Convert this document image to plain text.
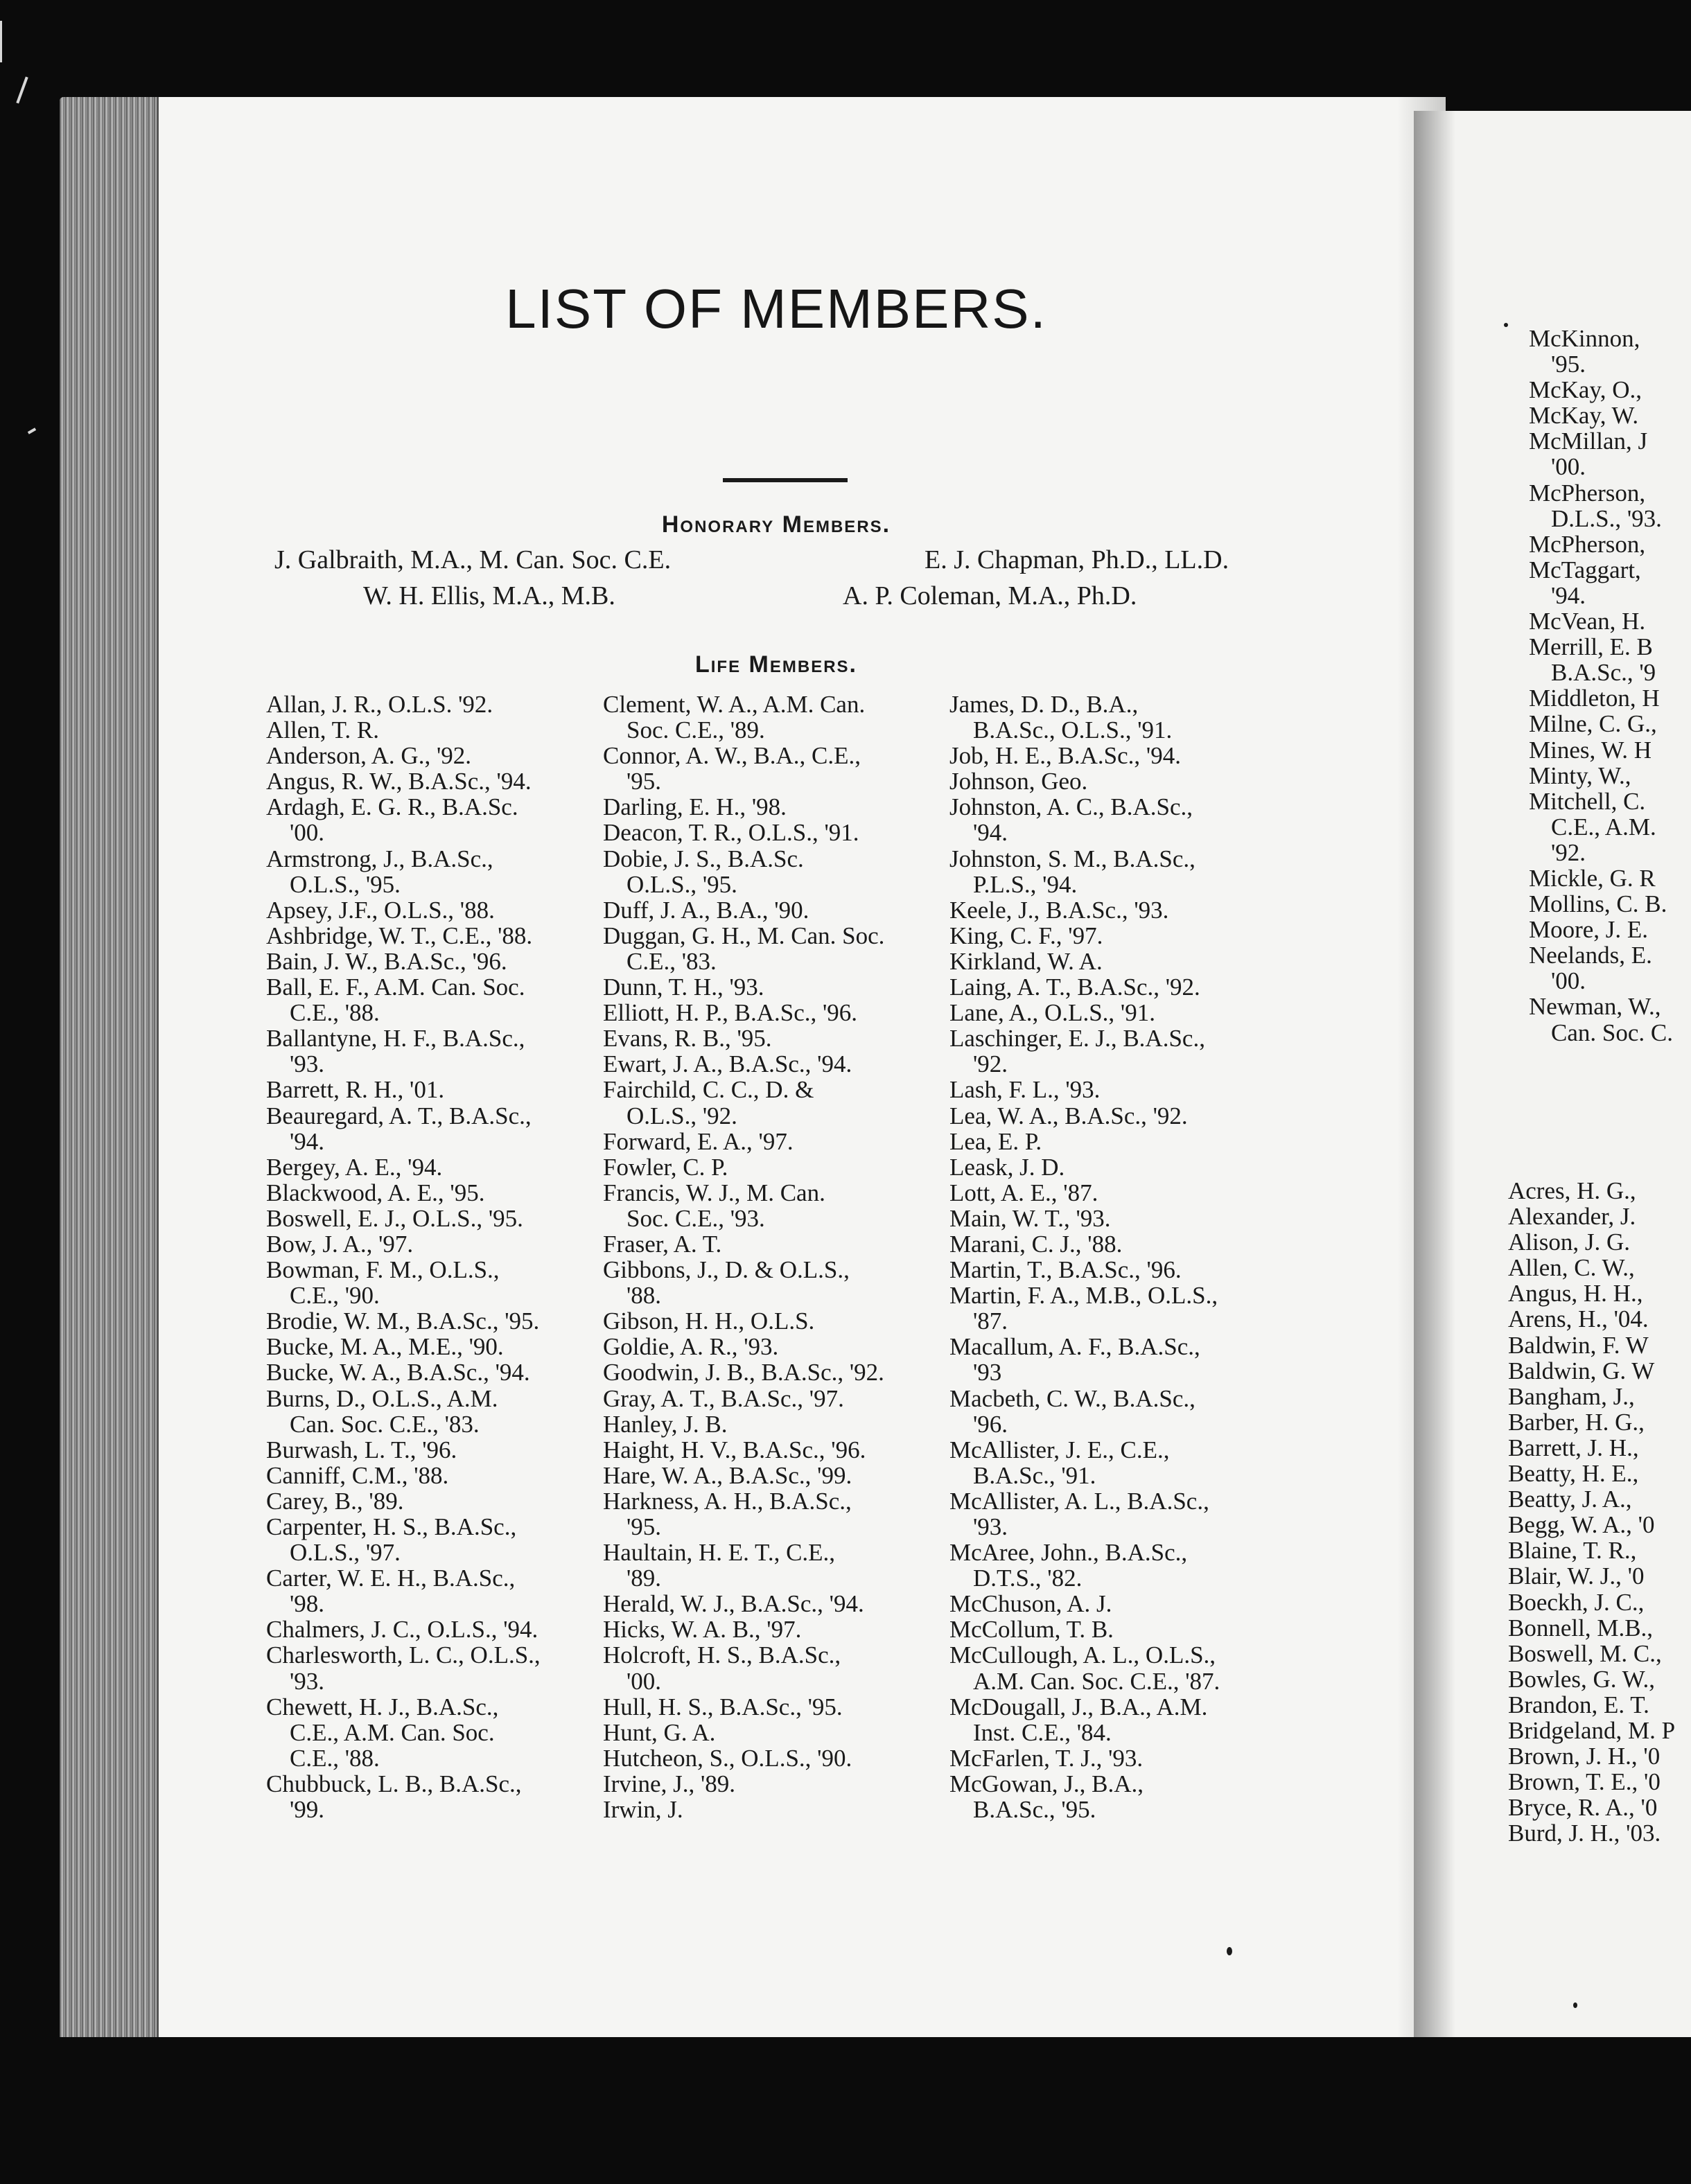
LIST OF MEMBERS.
Honorary Members.
J. Galbraith, M.A., M. Can. Soc. C.E.	E. J. Chapman, Ph.D., LL.D.
W. H. Ellis, M.A., M.B.	A. P. Coleman, M.A., Ph.D.
Life Members.
Allan, J. R., O.L.S. '92.
Allen, T. R.
Anderson, A. G., '92.
Angus, R. W., B.A.Sc., '94.
Ardagh, E. G. R., B.A.Sc.
'00.
Armstrong, J., B.A.Sc.,
O.L.S., '95.
Apsey, J.F., O.L.S., '88.
Ashbridge, W. T., C.E., '88.
Bain, J. W., B.A.Sc., '96.
Ball, E. F., A.M. Can. Soc.
C.E., '88.
Ballantyne, H. F., B.A.Sc.,
'93.
Barrett, R. H., '01.
Beauregard, A. T., B.A.Sc.,
'94.
Bergey, A. E., '94.
Blackwood, A. E., '95.
Boswell, E. J., O.L.S., '95.
Bow, J. A., '97.
Bowman, F. M., O.L.S.,
C.E., '90.
Brodie, W. M., B.A.Sc., '95.
Bucke, M. A., M.E., '90.
Bucke, W. A., B.A.Sc., '94.
Burns, D., O.L.S., A.M.
Can. Soc. C.E., '83.
Burwash, L. T., '96.
Canniff, C.M., '88.
Carey, B., '89.
Carpenter, H. S., B.A.Sc.,
O.L.S., '97.
Carter, W. E. H., B.A.Sc.,
'98.
Chalmers, J. C., O.L.S., '94.
Charlesworth, L. C., O.L.S.,
'93.
Chewett, H. J., B.A.Sc.,
C.E., A.M. Can. Soc.
C.E., '88.
Chubbuck, L. B., B.A.Sc.,
'99.
Clement, W. A., A.M. Can.
Soc. C.E., '89.
Connor, A. W., B.A., C.E.,
'95.
Darling, E. H., '98.
Deacon, T. R., O.L.S., '91.
Dobie, J. S., B.A.Sc.
O.L.S., '95.
Duff, J. A., B.A., '90.
Duggan, G. H., M. Can. Soc.
C.E., '83.
Dunn, T. H., '93.
Elliott, H. P., B.A.Sc., '96.
Evans, R. B., '95.
Ewart, J. A., B.A.Sc., '94.
Fairchild, C. C., D. &
O.L.S., '92.
Forward, E. A., '97.
Fowler, C. P.
Francis, W. J., M. Can.
Soc. C.E., '93.
Fraser, A. T.
Gibbons, J., D. & O.L.S.,
'88.
Gibson, H. H., O.L.S.
Goldie, A. R., '93.
Goodwin, J. B., B.A.Sc., '92.
Gray, A. T., B.A.Sc., '97.
Hanley, J. B.
Haight, H. V., B.A.Sc., '96.
Hare, W. A., B.A.Sc., '99.
Harkness, A. H., B.A.Sc.,
'95.
Haultain, H. E. T., C.E.,
'89.
Herald, W. J., B.A.Sc., '94.
Hicks, W. A. B., '97.
Holcroft, H. S., B.A.Sc.,
'00.
Hull, H. S., B.A.Sc., '95.
Hunt, G. A.
Hutcheon, S., O.L.S., '90.
Irvine, J., '89.
Irwin, J.
James, D. D., B.A.,
B.A.Sc., O.L.S., '91.
Job, H. E., B.A.Sc., '94.
Johnson, Geo.
Johnston, A. C., B.A.Sc.,
'94.
Johnston, S. M., B.A.Sc.,
P.L.S., '94.
Keele, J., B.A.Sc., '93.
King, C. F., '97.
Kirkland, W. A.
Laing, A. T., B.A.Sc., '92.
Lane, A., O.L.S., '91.
Laschinger, E. J., B.A.Sc.,
'92.
Lash, F. L., '93.
Lea, W. A., B.A.Sc., '92.
Lea, E. P.
Leask, J. D.
Lott, A. E., '87.
Main, W. T., '93.
Marani, C. J., '88.
Martin, T., B.A.Sc., '96.
Martin, F. A., M.B., O.L.S.,
'87.
Macallum, A. F., B.A.Sc.,
'93
Macbeth, C. W., B.A.Sc.,
'96.
McAllister, J. E., C.E.,
B.A.Sc., '91.
McAllister, A. L., B.A.Sc.,
'93.
McAree, John., B.A.Sc.,
D.T.S., '82.
McChuson, A. J.
McCollum, T. B.
McCullough, A. L., O.L.S.,
A.M. Can. Soc. C.E., '87.
McDougall, J., B.A., A.M.
Inst. C.E., '84.
McFarlen, T. J., '93.
McGowan, J., B.A.,
B.A.Sc., '95.
McKinnon,
'95.
McKay, O.,
McKay, W.
McMillan, J
'00.
McPherson,
D.L.S., '93.
McPherson,
McTaggart,
'94.
McVean, H.
Merrill, E. B
B.A.Sc., '9
Middleton, H
Milne, C. G.,
Mines, W. H
Minty, W.,
Mitchell, C.
C.E., A.M.
'92.
Mickle, G. R
Mollins, C. B.
Moore, J. E.
Neelands, E.
'00.
Newman, W.,
Can. Soc. C.
Acres, H. G.,
Alexander, J.
Alison, J. G.
Allen, C. W.,
Angus, H. H.,
Arens, H., '04.
Baldwin, F. W
Baldwin, G. W
Bangham, J.,
Barber, H. G.,
Barrett, J. H.,
Beatty, H. E.,
Beatty, J. A.,
Begg, W. A., '0
Blaine, T. R.,
Blair, W. J., '0
Boeckh, J. C.,
Bonnell, M.B.,
Boswell, M. C.,
Bowles, G. W.,
Brandon, E. T.
Bridgeland, M. P
Brown, J. H., '0
Brown, T. E., '0
Bryce, R. A., '0
Burd, J. H., '03.
